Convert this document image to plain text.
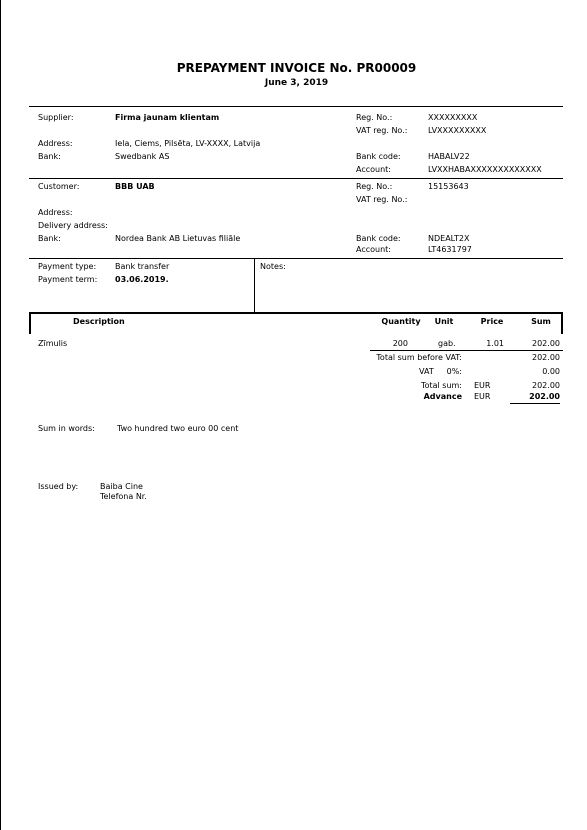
PREPAYMENT INVOICE No. PR00009
June 3, 2019
Supplier:	Firma jaunam klientam
Address:	Iela, Ciems, Pilsēta, LV-XXXX, Latvija
Bank:	Swedbank AS
Reg. No.:	XXXXXXXXX
VAT reg. No.:	LVXXXXXXXXX
Bank code:	HABALV22
Account:	LVXXHABAXXXXXXXXXXXXX
Customer:	BBB UAB
Address:
Delivery address:
Bank:	Nordea Bank AB Lietuvas filiāle
Reg. No.:	15153643
VAT reg. No.:
Bank code:	NDEALT2X
Account:	LT4631797
Payment type: Bank transfer
Payment term: 03.06.2019.
Notes:
Description	Quantity	Unit	Price	Sum
Zīmulis	200	gab.	1.01	202.00
Total sum before VAT:	202.00
VAT	0%:	0.00
Total sum: EUR	202.00
Advance EUR	202.00
Sum in words:	Two hundred two euro 00 cent
Issued by:	Baiba Cine
Telefona Nr.
